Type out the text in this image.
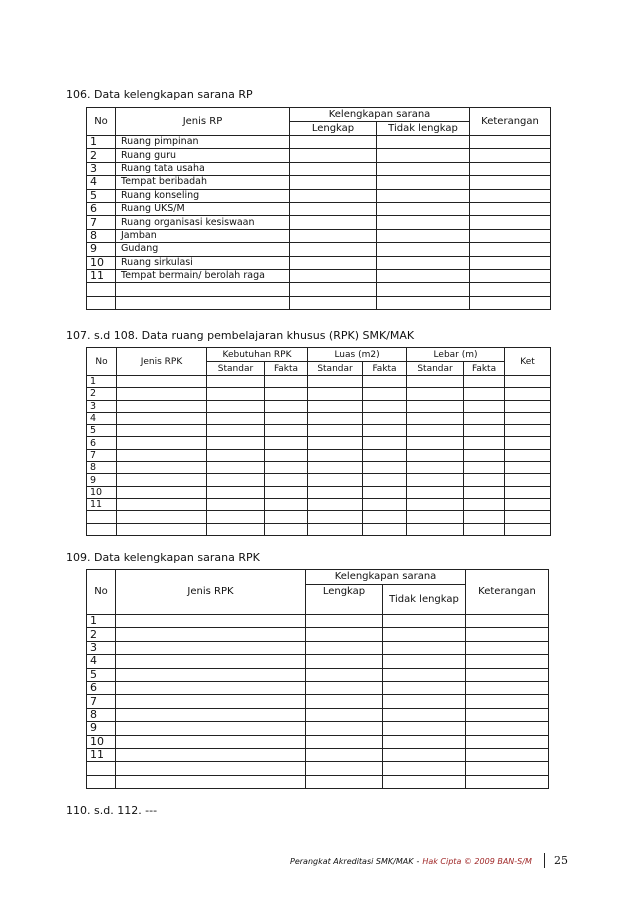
106. Data kelengkapan sarana RP
No	Jenis RP	Kelengkapan sarana		Keterangan
		Lengkap	Tidak lengkap	
1	Ruang pimpinan			
2	Ruang guru			
3	Ruang tata usaha			
4	Tempat beribadah			
5	Ruang konseling			
6	Ruang UKS/M			
7	Ruang organisasi kesiswaan			
8	Jamban			
9	Gudang			
10	Ruang sirkulasi			
11	Tempat bermain/ berolah raga			

107. s.d 108. Data ruang pembelajaran khusus (RPK) SMK/MAK
No	Jenis RPK	Kebutuhan RPK		Luas (m2)		Lebar (m)		Ket
		Standar	Fakta	Standar	Fakta	Standar	Fakta	
1								
2								
3								
4								
5								
6								
7								
8								
9								
10								
11								

109. Data kelengkapan sarana RPK
No	Jenis RPK	Kelengkapan sarana		Keterangan
		Lengkap	Tidak lengkap	
1				
2				
3				
4				
5				
6				
7				
8				
9				
10				
11				

110. s.d. 112. ---
Perangkat Akreditasi SMK/MAK - Hak Cipta © 2009 BAN-S/M 25
